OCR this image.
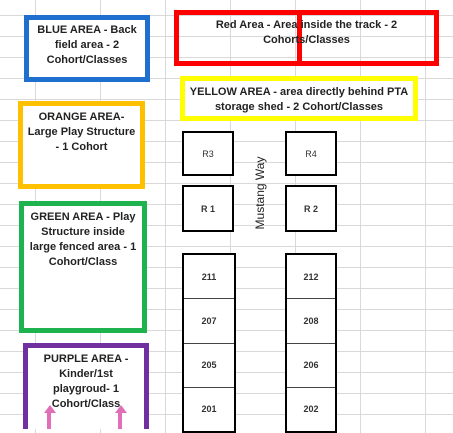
BLUE AREA - Back field area - 2 Cohort/Classes
Red Area - Area inside the track - 2 Cohorts/Classes
YELLOW AREA - area directly behind PTA storage shed - 2 Cohort/Classes
ORANGE AREA- Large Play Structure - 1 Cohort
GREEN AREA - Play Structure inside large fenced area - 1 Cohort/Class
PURPLE AREA - Kinder/1st playgroud- 1 Cohort/Class
R3	R4
R 1	R 2
Mustang Way
211
207
205
201
212
208
206
202
